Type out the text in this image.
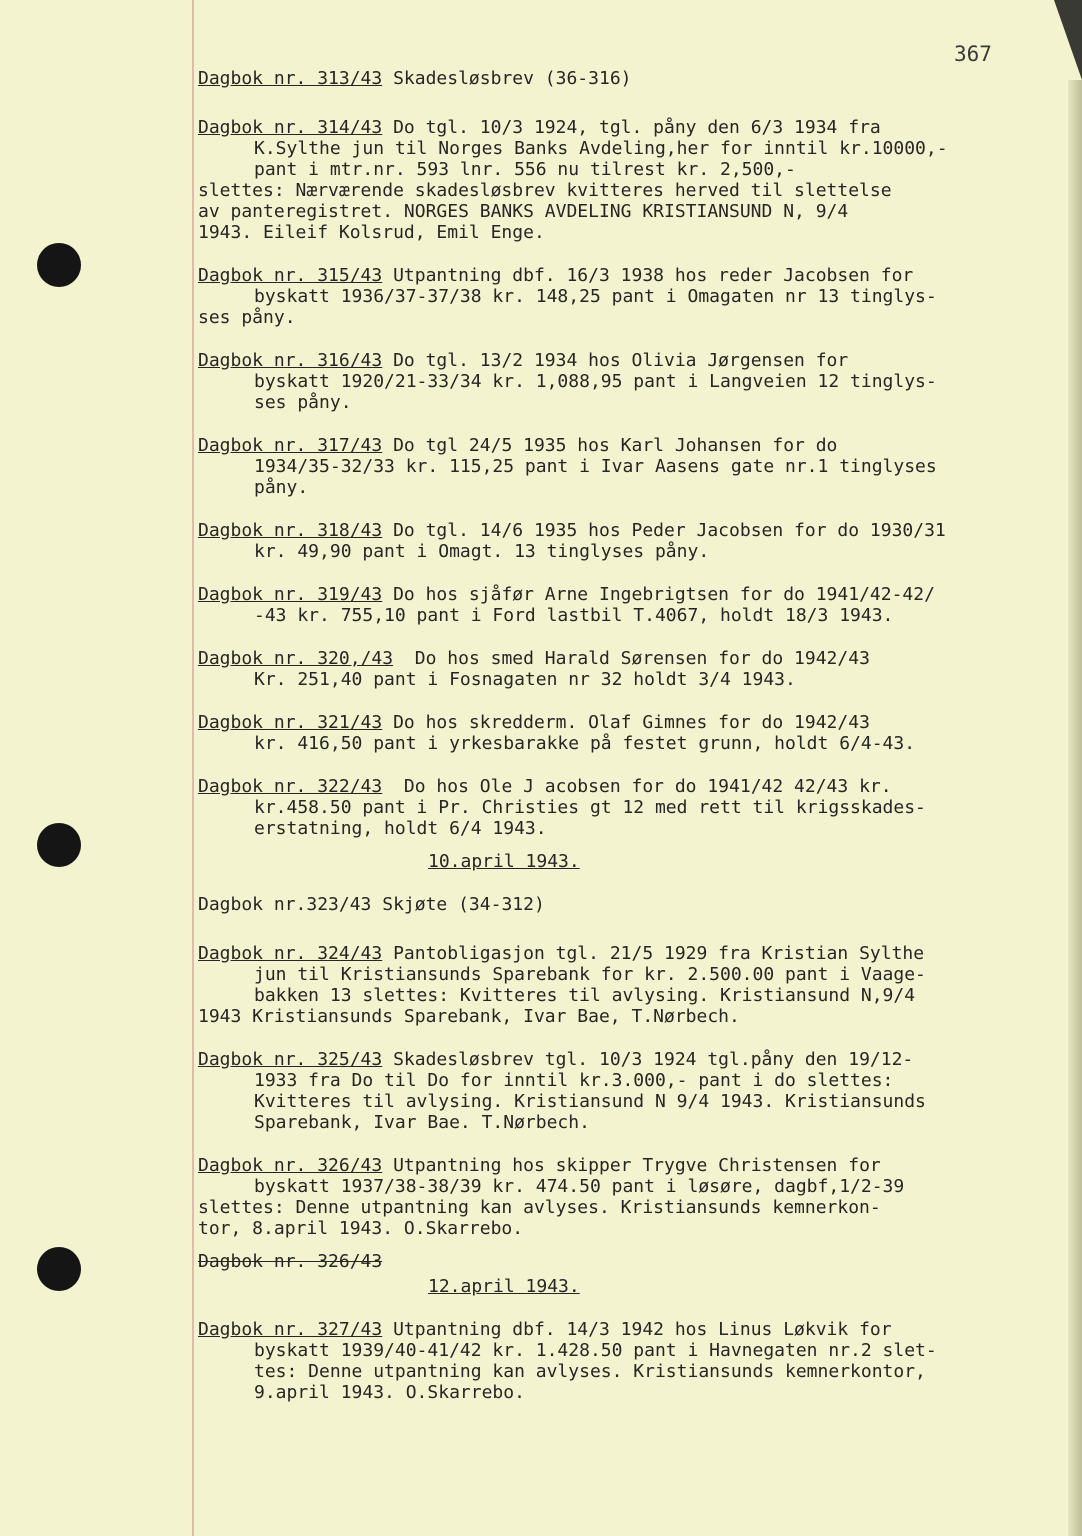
367
Dagbok nr. 313/43 Skadesløsbrev (36-316)
Dagbok nr. 314/43 Do tgl. 10/3 1924, tgl. påny den 6/3 1934 fra
K.Sylthe jun til Norges Banks Avdeling,her for inntil kr.10000,-
pant i mtr.nr. 593 lnr. 556 nu tilrest kr. 2,500,-
slettes: Nærværende skadesløsbrev kvitteres herved til slettelse
av panteregistret. NORGES BANKS AVDELING KRISTIANSUND N, 9/4
1943. Eileif Kolsrud, Emil Enge.
Dagbok nr. 315/43 Utpantning dbf. 16/3 1938 hos reder Jacobsen for
byskatt 1936/37-37/38 kr. 148,25 pant i Omagaten nr 13 tinglys-
ses påny.
Dagbok nr. 316/43 Do tgl. 13/2 1934 hos Olivia Jørgensen for
byskatt 1920/21-33/34 kr. 1,088,95 pant i Langveien 12 tinglys-
ses påny.
Dagbok nr. 317/43 Do tgl 24/5 1935 hos Karl Johansen for do
1934/35-32/33 kr. 115,25 pant i Ivar Aasens gate nr.1 tinglyses
påny.
Dagbok nr. 318/43 Do tgl. 14/6 1935 hos Peder Jacobsen for do 1930/31
kr. 49,90 pant i Omagt. 13 tinglyses påny.
Dagbok nr. 319/43 Do hos sjåfør Arne Ingebrigtsen for do 1941/42-42/
-43 kr. 755,10 pant i Ford lastbil T.4067, holdt 18/3 1943.
Dagbok nr. 320,/43  Do hos smed Harald Sørensen for do 1942/43
Kr. 251,40 pant i Fosnagaten nr 32 holdt 3/4 1943.
Dagbok nr. 321/43 Do hos skredderm. Olaf Gimnes for do 1942/43
kr. 416,50 pant i yrkesbarakke på festet grunn, holdt 6/4-43.
Dagbok nr. 322/43  Do hos Ole J acobsen for do 1941/42 42/43 kr.
kr.458.50 pant i Pr. Christies gt 12 med rett til krigsskades-
erstatning, holdt 6/4 1943.
10.april 1943.
Dagbok nr.323/43 Skjøte (34-312)
Dagbok nr. 324/43 Pantobligasjon tgl. 21/5 1929 fra Kristian Sylthe
jun til Kristiansunds Sparebank for kr. 2.500.00 pant i Vaage-
bakken 13 slettes: Kvitteres til avlysing. Kristiansund N,9/4
1943 Kristiansunds Sparebank, Ivar Bae, T.Nørbech.
Dagbok nr. 325/43 Skadesløsbrev tgl. 10/3 1924 tgl.påny den 19/12-
1933 fra Do til Do for inntil kr.3.000,- pant i do slettes:
Kvitteres til avlysing. Kristiansund N 9/4 1943. Kristiansunds
Sparebank, Ivar Bae. T.Nørbech.
Dagbok nr. 326/43 Utpantning hos skipper Trygve Christensen for
byskatt 1937/38-38/39 kr. 474.50 pant i løsøre, dagbf,1/2-39
slettes: Denne utpantning kan avlyses. Kristiansunds kemnerkon-
tor, 8.april 1943. O.Skarrebo.
Dagbok nr. 326/43
12.april 1943.
Dagbok nr. 327/43 Utpantning dbf. 14/3 1942 hos Linus Løkvik for
byskatt 1939/40-41/42 kr. 1.428.50 pant i Havnegaten nr.2 slet-
tes: Denne utpantning kan avlyses. Kristiansunds kemnerkontor,
9.april 1943. O.Skarrebo.
